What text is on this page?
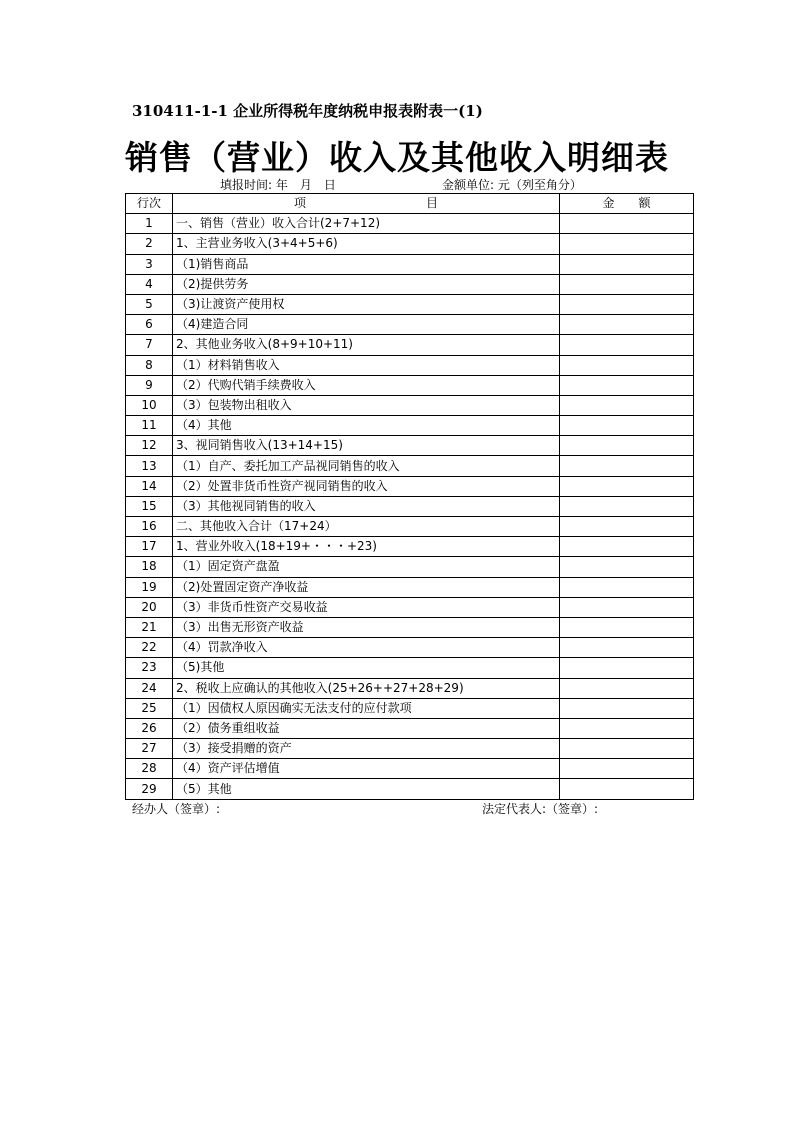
310411-1-1 企业所得税年度纳税申报表附表一(1)
销售（营业）收入及其他收入明细表
填报时间: 年　月　日	金额单位: 元（列至角分）
行次	项　　　　　　　　　　目	金　　额
1	一、销售（营业）收入合计(2+7+12)	
2	1、主营业务收入(3+4+5+6)	
3	（1)销售商品	
4	（2)提供劳务	
5	（3)让渡资产使用权	
6	（4)建造合同	
7	2、其他业务收入(8+9+10+11)	
8	（1）材料销售收入	
9	（2）代购代销手续费收入	
10	（3）包装物出租收入	
11	（4）其他	
12	3、视同销售收入(13+14+15)	
13	（1）自产、委托加工产品视同销售的收入	
14	（2）处置非货币性资产视同销售的收入	
15	（3）其他视同销售的收入	
16	二、其他收入合计（17+24）	
17	1、营业外收入(18+19+・・・+23)	
18	（1）固定资产盘盈	
19	（2)处置固定资产净收益	
20	（3）非货币性资产交易收益	
21	（3）出售无形资产收益	
22	（4）罚款净收入	
23	（5)其他	
24	2、税收上应确认的其他收入(25+26++27+28+29)	
25	（1）因债权人原因确实无法支付的应付款项	
26	（2）债务重组收益	
27	（3）接受捐赠的资产	
28	（4）资产评估增值	
29	（5）其他	
经办人（签章）:	法定代表人:（签章）:
